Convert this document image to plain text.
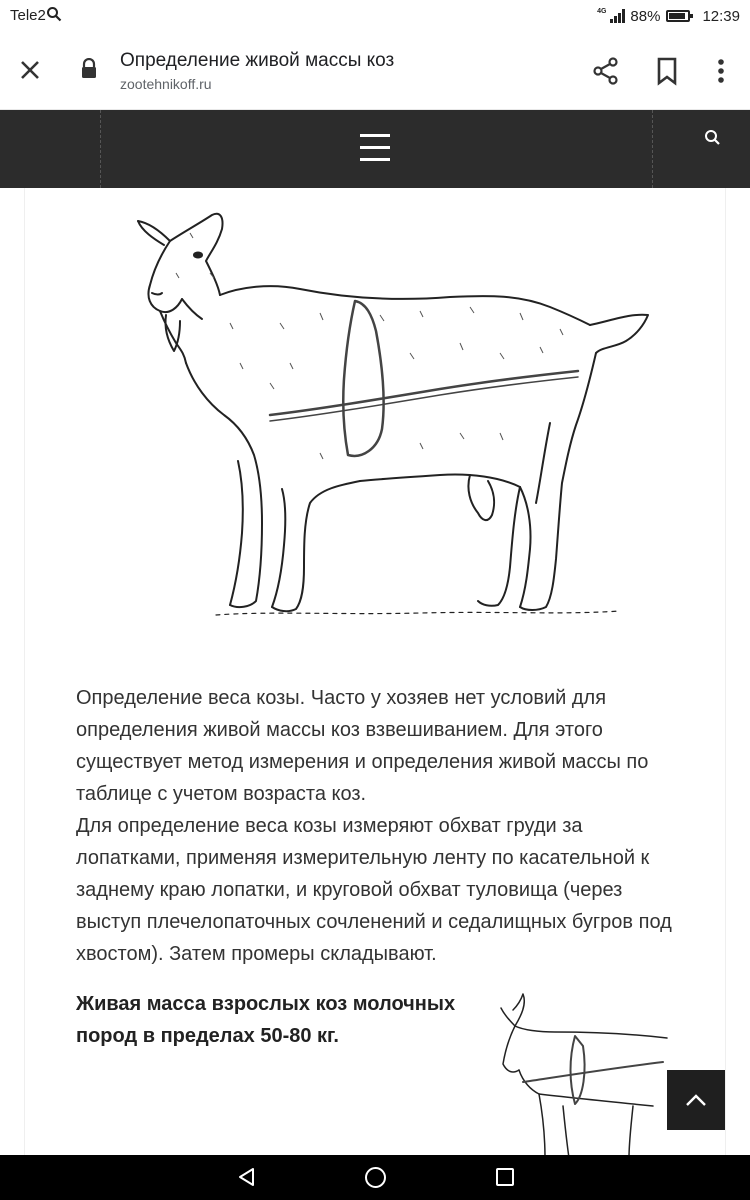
Tele2	4G 88%	12:39
Определение живой массы коз
zootehnikoff.ru

Определение веса козы. Часто у хозяев нет условий для определения живой массы коз взвешиванием. Для этого существует метод измерения и определения живой массы по таблице с учетом возраста коз.

Для определение веса козы измеряют обхват груди за лопатками, применяя измерительную ленту по касательной к заднему краю лопатки, и круговой обхват туловища (через выступ плечелопаточных сочленений и седалищных бугров под хвостом). Затем промеры складывают.

Живая масса взрослых коз молочных пород в пределах 50-80 кг.
